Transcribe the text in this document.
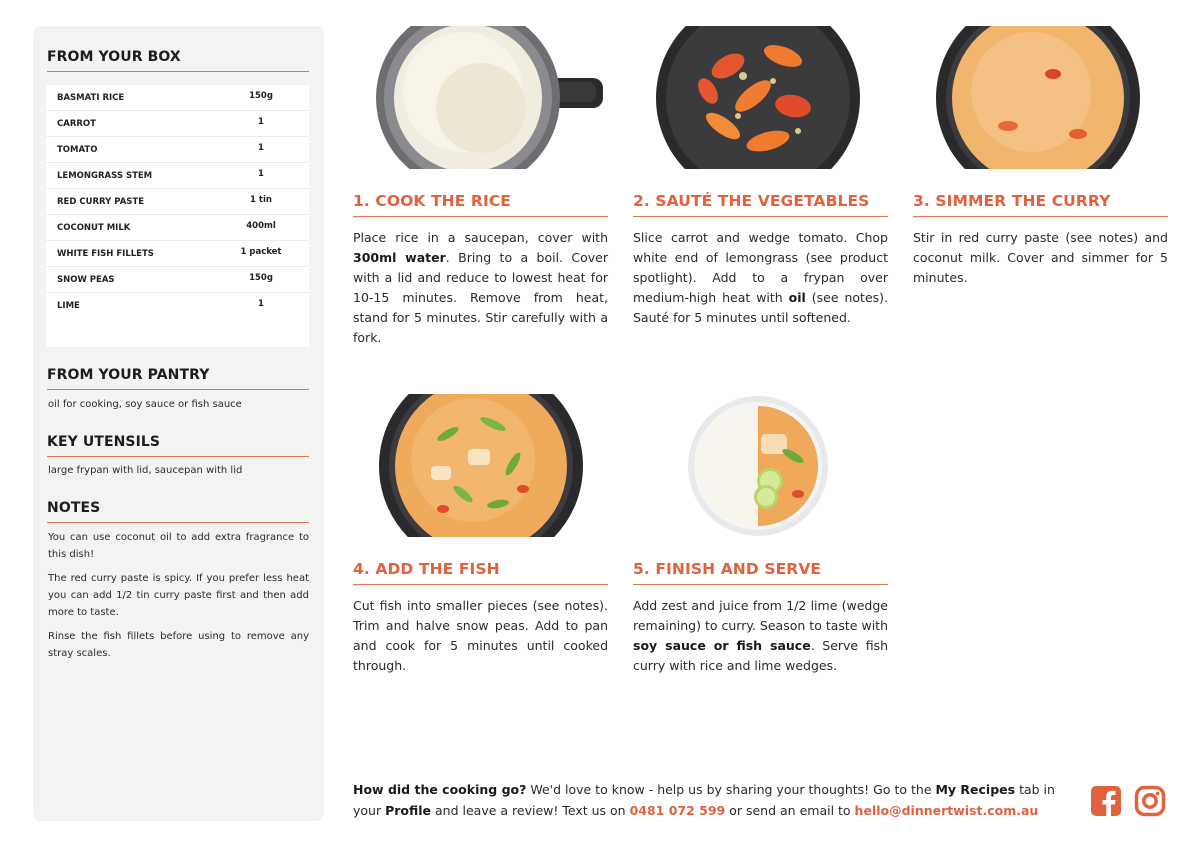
FROM YOUR BOX
BASMATI RICE	150g
CARROT	1
TOMATO	1
LEMONGRASS STEM	1
RED CURRY PASTE	1 tin
COCONUT MILK	400ml
WHITE FISH FILLETS	1 packet
SNOW PEAS	150g
LIME	1
FROM YOUR PANTRY
oil for cooking, soy sauce or fish sauce
KEY UTENSILS
large frypan with lid, saucepan with lid
NOTES
You can use coconut oil to add extra fragrance to this dish!
The red curry paste is spicy. If you prefer less heat you can add 1/2 tin curry paste first and then add more to taste.
Rinse the fish fillets before using to remove any stray scales.
1. COOK THE RICE
Place rice in a saucepan, cover with 300ml water. Bring to a boil. Cover with a lid and reduce to lowest heat for 10-15 minutes. Remove from heat, stand for 5 minutes. Stir carefully with a fork.
2. SAUTÉ THE VEGETABLES
Slice carrot and wedge tomato. Chop white end of lemongrass (see product spotlight). Add to a frypan over medium-high heat with oil (see notes). Sauté for 5 minutes until softened.
3. SIMMER THE CURRY
Stir in red curry paste (see notes) and coconut milk. Cover and simmer for 5 minutes.
4. ADD THE FISH
Cut fish into smaller pieces (see notes). Trim and halve snow peas. Add to pan and cook for 5 minutes until cooked through.
5. FINISH AND SERVE
Add zest and juice from 1/2 lime (wedge remaining) to curry. Season to taste with soy sauce or fish sauce. Serve fish curry with rice and lime wedges.
How did the cooking go? We'd love to know - help us by sharing your thoughts! Go to the My Recipes tab in your Profile and leave a review! Text us on 0481 072 599 or send an email to hello@dinnertwist.com.au
